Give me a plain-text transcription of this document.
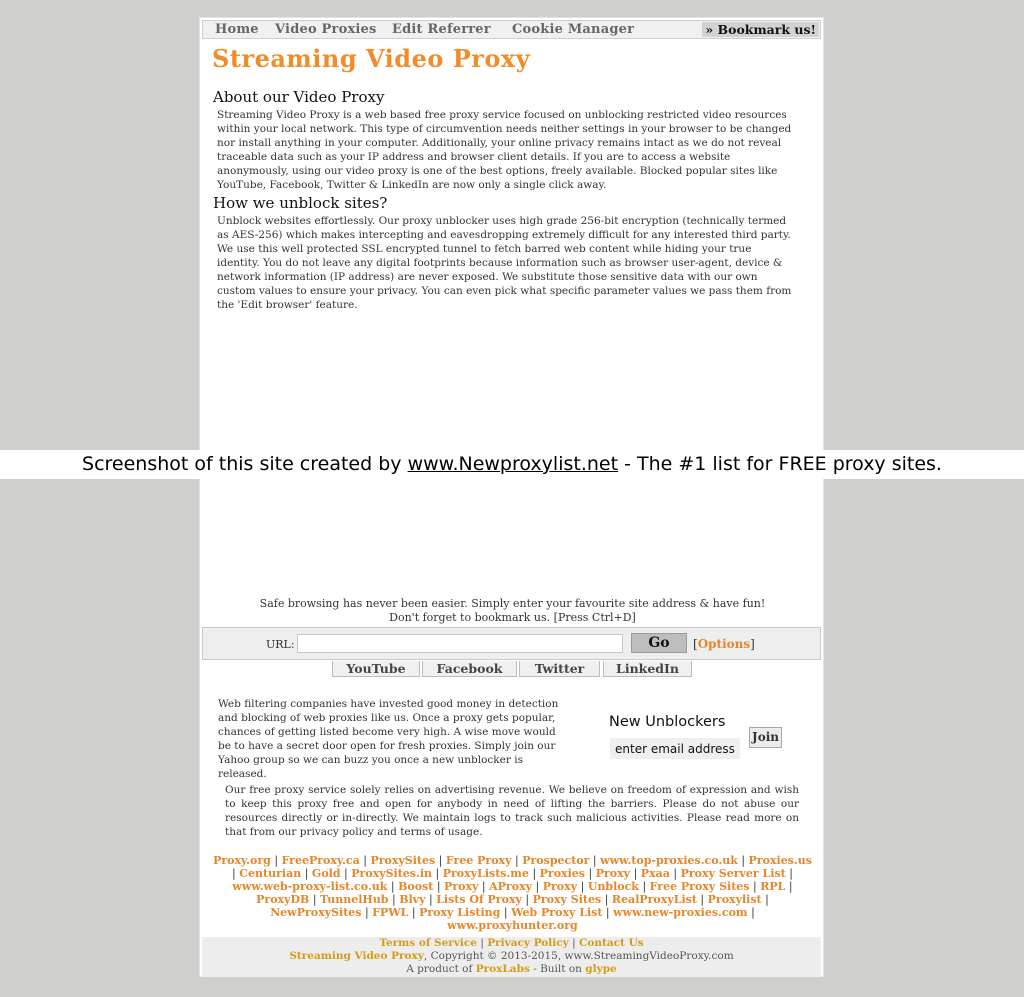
Home Video Proxies Edit Referrer Cookie Manager	» Bookmark us!
Streaming Video Proxy
About our Video Proxy

Streaming Video Proxy is a web based free proxy service focused on unblocking restricted video resources within your local network. This type of circumvention needs neither settings in your browser to be changed nor install anything in your computer. Additionally, your online privacy remains intact as we do not reveal traceable data such as your IP address and browser client details. If you are to access a website anonymously, using our video proxy is one of the best options, freely available. Blocked popular sites like YouTube, Facebook, Twitter & LinkedIn are now only a single click away.

How we unblock sites?

Unblock websites effortlessly. Our proxy unblocker uses high grade 256-bit encryption (technically termed as AES-256) which makes intercepting and eavesdropping extremely difficult for any interested third party. We use this well protected SSL encrypted tunnel to fetch barred web content while hiding your true identity. You do not leave any digital footprints because information such as browser user-agent, device & network information (IP address) are never exposed. We substitute those sensitive data with our own custom values to ensure your privacy. You can even pick what specific parameter values we pass them from the 'Edit browser' feature.

Safe browsing has never been easier. Simply enter your favourite site address & have fun!
Don't forget to bookmark us. [Press Ctrl+D]
URL:	Go	[Options]
YouTube	Facebook	Twitter	LinkedIn

Web filtering companies have invested good money in detection and blocking of web proxies like us. Once a proxy gets popular, chances of getting listed become very high. A wise move would be to have a secret door open for fresh proxies. Simply join our Yahoo group so we can buzz you once a new unblocker is released.

New Unblockers
enter email address
Join

Our free proxy service solely relies on advertising revenue. We believe on freedom of expression and wish to keep this proxy free and open for anybody in need of lifting the barriers. Please do not abuse our resources directly or in-directly. We maintain logs to track such malicious activities. Please read more on that from our privacy policy and terms of usage.

Proxy.org | FreeProxy.ca | ProxySites | Free Proxy | Prospector | www.top-proxies.co.uk | Proxies.us | Centurian | Gold | ProxySites.in | ProxyLists.me | Proxies | Proxy | Pxaa | Proxy Server List | www.web-proxy-list.co.uk | Boost | Proxy | AProxy | Proxy | Unblock | Free Proxy Sites | RPL | ProxyDB | TunnelHub | Blvy | Lists Of Proxy | Proxy Sites | RealProxyList | Proxylist | NewProxySites | FPWL | Proxy Listing | Web Proxy List | www.new-proxies.com | www.proxyhunter.org

Terms of Service | Privacy Policy | Contact Us
Streaming Video Proxy, Copyright © 2013-2015, www.StreamingVideoProxy.com
A product of ProxLabs - Built on glype
Screenshot of this site created by www.Newproxylist.net - The #1 list for FREE proxy sites.
